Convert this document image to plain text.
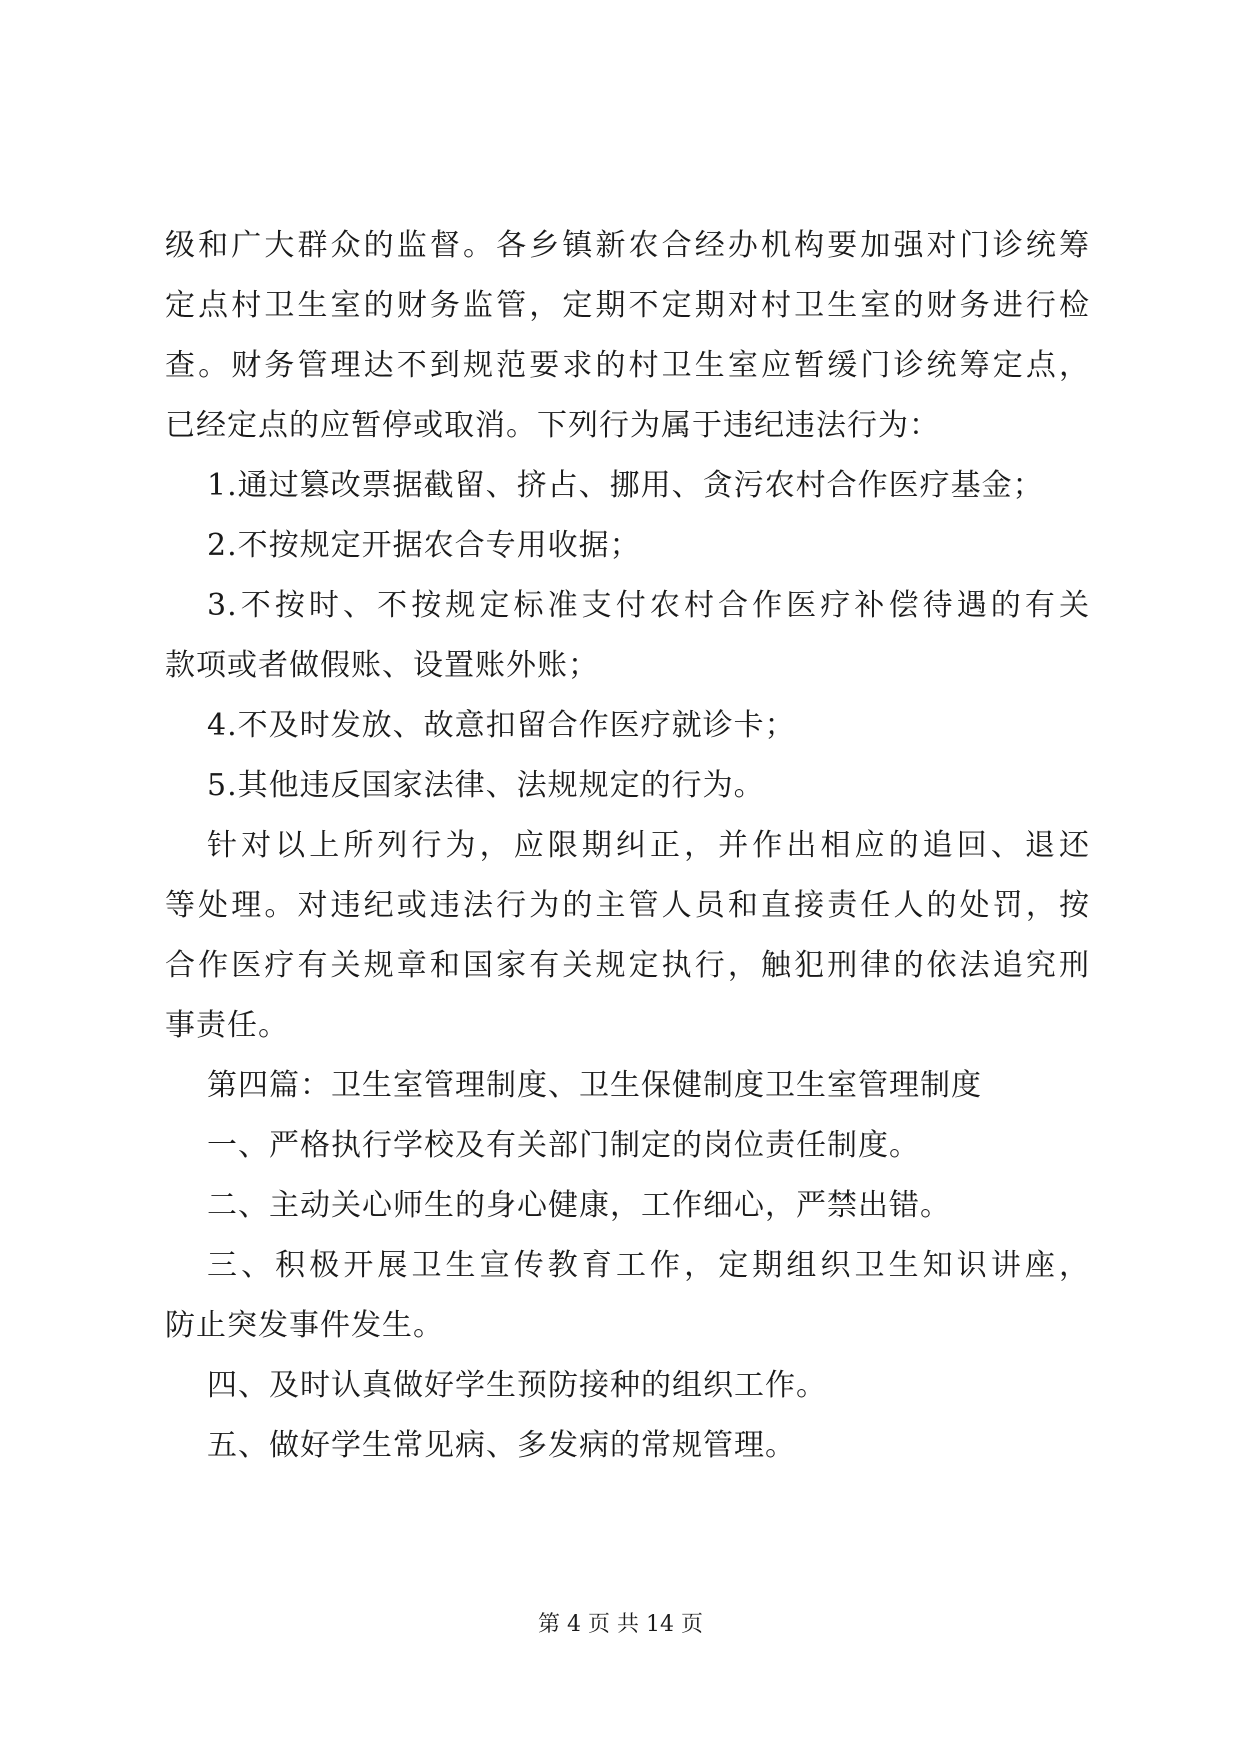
级和广大群众的监督。各乡镇新农合经办机构要加强对门诊统筹
定点村卫生室的财务监管，定期不定期对村卫生室的财务进行检
查。财务管理达不到规范要求的村卫生室应暂缓门诊统筹定点，
已经定点的应暂停或取消。下列行为属于违纪违法行为：
1.通过篡改票据截留、挤占、挪用、贪污农村合作医疗基金；
2.不按规定开据农合专用收据；
3.不按时、不按规定标准支付农村合作医疗补偿待遇的有关
款项或者做假账、设置账外账；
4.不及时发放、故意扣留合作医疗就诊卡；
5.其他违反国家法律、法规规定的行为。
针对以上所列行为，应限期纠正，并作出相应的追回、退还
等处理。对违纪或违法行为的主管人员和直接责任人的处罚，按
合作医疗有关规章和国家有关规定执行，触犯刑律的依法追究刑
事责任。
第四篇：卫生室管理制度、卫生保健制度卫生室管理制度
一、严格执行学校及有关部门制定的岗位责任制度。
二、主动关心师生的身心健康，工作细心，严禁出错。
三、积极开展卫生宣传教育工作，定期组织卫生知识讲座，
防止突发事件发生。
四、及时认真做好学生预防接种的组织工作。
五、做好学生常见病、多发病的常规管理。
第 4 页 共 14 页
